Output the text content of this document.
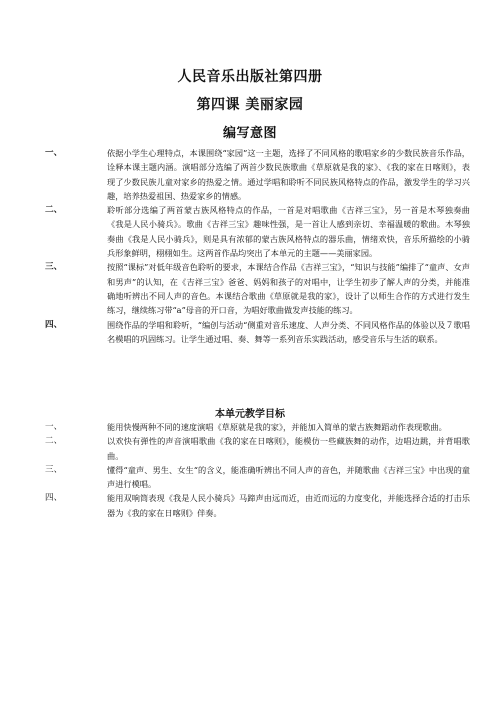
人民音乐出版社第四册
第四课 美丽家园
编写意图
一、	依据小学生心理特点，本课围绕“家园”这一主题，选择了不同风格的歌唱家乡的少数民族音乐作品，诠释本课主题内涵。演唱部分选编了两首少数民族歌曲《草原就是我的家》、《我的家在日喀则》，表现了少数民族儿童对家乡的热爱之情。通过学唱和聆听不同民族风格特点的作品，激发学生的学习兴趣，培养热爱祖国、热爱家乡的情感。
二、	聆听部分选编了两首蒙古族风格特点的作品，一首是对唱歌曲《吉祥三宝》，另一首是木琴独奏曲《我是人民小骑兵》。歌曲《吉祥三宝》趣味性强，是一首让人感到亲切、幸福温暖的歌曲。木琴独奏曲《我是人民小骑兵》，则是具有浓郁的蒙古族风格特点的器乐曲，情绪欢快，音乐所描绘的小骑兵形象鲜明，栩栩如生。这两首作品均突出了本单元的主题——美丽家园。
三、	按照“课标”对低年级音色聆听的要求，本课结合作品《吉祥三宝》，“知识与技能”编排了“童声、女声和男声”的认知，在《吉祥三宝》爸爸、妈妈和孩子的对唱中，让学生初步了解人声的分类，并能准确地听辨出不同人声的音色。本课结合歌曲《草原就是我的家》，设计了以师生合作的方式进行发生练习，继续练习带“a”母音的开口音，为唱好歌曲做发声技能的练习。
四、	围绕作品的学唱和聆听，“编创与活动“侧重对音乐速度、人声分类、不同风格作品的体验以及７歌唱名模唱的巩固练习。让学生通过唱、奏、舞等一系列音乐实践活动，感受音乐与生活的联系。
本单元教学目标
一、	能用快慢两种不同的速度演唱《草原就是我的家》，并能加入简单的蒙古族舞蹈动作表现歌曲。
二、	以欢快有弹性的声音演唱歌曲《我的家在日喀则》，能模仿一些藏族舞的动作，边唱边跳，并背唱歌曲。
三、	懂得“童声、男生、女生“的含义，能准确听辨出不同人声的音色，并随歌曲《吉祥三宝》中出现的童声进行模唱。
四、	能用双响筒表现《我是人民小骑兵》马蹄声由远而近，由近而远的力度变化，并能选择合适的打击乐器为《我的家在日喀则》伴奏。
